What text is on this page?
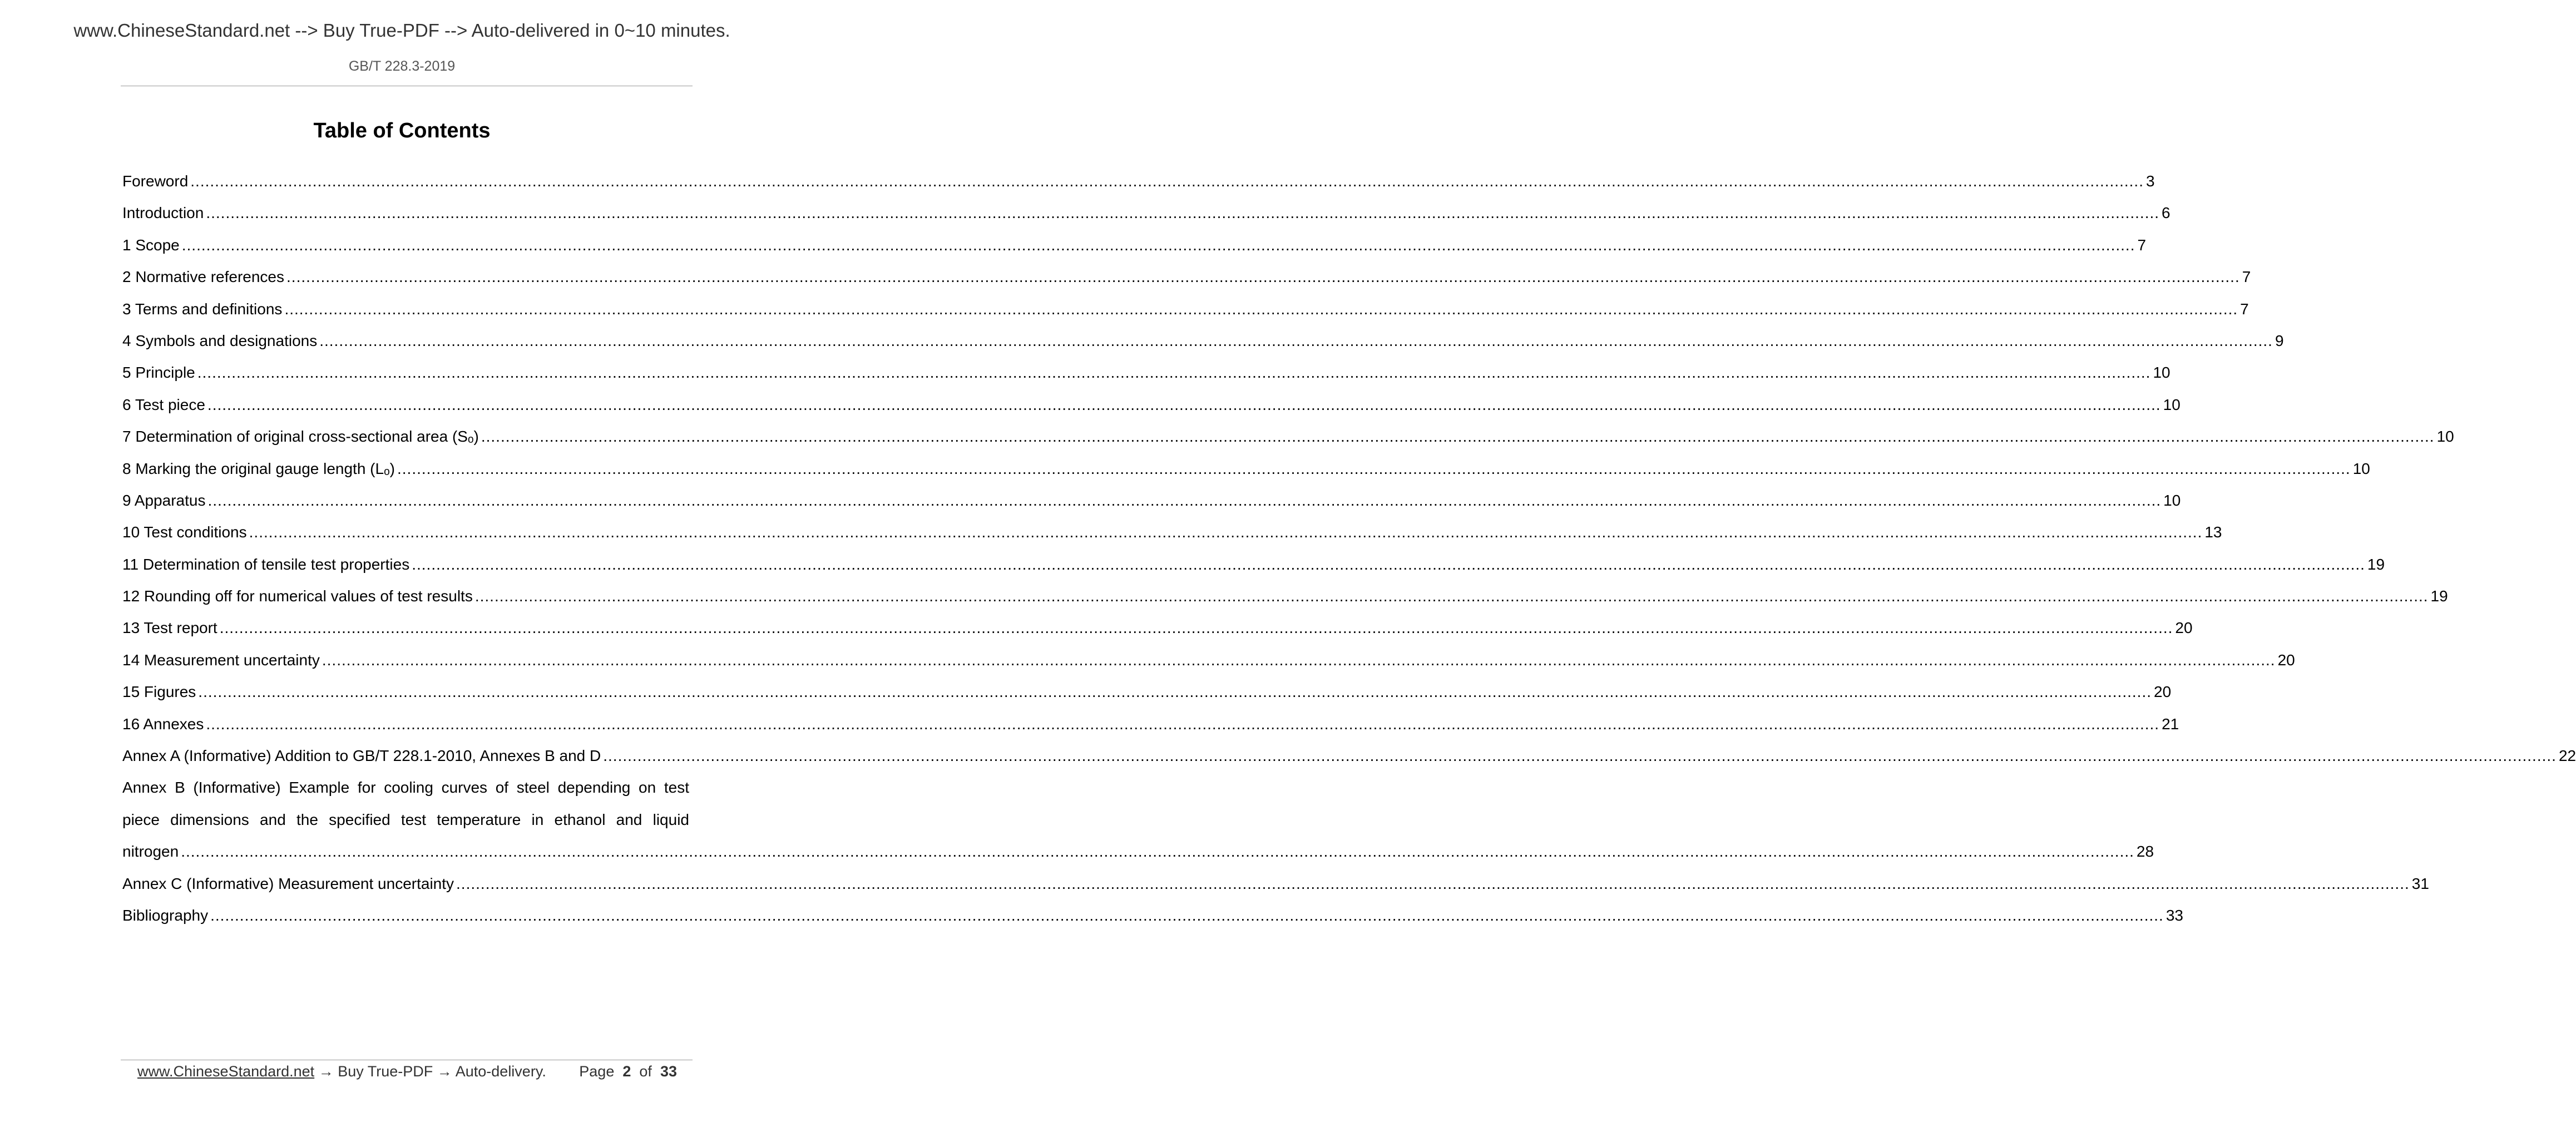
www.ChineseStandard.net --> Buy True-PDF --> Auto-delivered in 0~10 minutes.
GB/T 228.3-2019
Table of Contents
Foreword ................................................................................................................................................................................................................................................................................................................................................................................................................ 3
Introduction ................................................................................................................................................................................................................................................................................................................................................................................................................ 6
1 Scope ................................................................................................................................................................................................................................................................................................................................................................................................................ 7
2 Normative references ................................................................................................................................................................................................................................................................................................................................................................................................................ 7
3 Terms and definitions ................................................................................................................................................................................................................................................................................................................................................................................................................ 7
4 Symbols and designations ................................................................................................................................................................................................................................................................................................................................................................................................................ 9
5 Principle ................................................................................................................................................................................................................................................................................................................................................................................................................ 10
6 Test piece ................................................................................................................................................................................................................................................................................................................................................................................................................ 10
7 Determination of original cross-sectional area (Sₒ) ................................................................................................................................................................................................................................................................................................................................................................................................................ 10
8 Marking the original gauge length (Lₒ) ................................................................................................................................................................................................................................................................................................................................................................................................................ 10
9 Apparatus ................................................................................................................................................................................................................................................................................................................................................................................................................ 10
10 Test conditions ................................................................................................................................................................................................................................................................................................................................................................................................................ 13
11 Determination of tensile test properties ................................................................................................................................................................................................................................................................................................................................................................................................................ 19
12 Rounding off for numerical values of test results ................................................................................................................................................................................................................................................................................................................................................................................................................ 19
13 Test report ................................................................................................................................................................................................................................................................................................................................................................................................................ 20
14 Measurement uncertainty ................................................................................................................................................................................................................................................................................................................................................................................................................ 20
15 Figures ................................................................................................................................................................................................................................................................................................................................................................................................................ 20
16 Annexes ................................................................................................................................................................................................................................................................................................................................................................................................................ 21
Annex A (Informative) Addition to GB/T 228.1-2010, Annexes B and D ................................................................................................................................................................................................................................................................................................................................................................................................................ 22
Annex B (Informative) Example for cooling curves of steel depending on test
piece dimensions and the specified test temperature in ethanol and liquid
nitrogen ................................................................................................................................................................................................................................................................................................................................................................................................................ 28
Annex C (Informative) Measurement uncertainty ................................................................................................................................................................................................................................................................................................................................................................................................................ 31
Bibliography ................................................................................................................................................................................................................................................................................................................................................................................................................ 33
www.ChineseStandard.net → Buy True-PDF → Auto-delivery. Page 2 of 33
